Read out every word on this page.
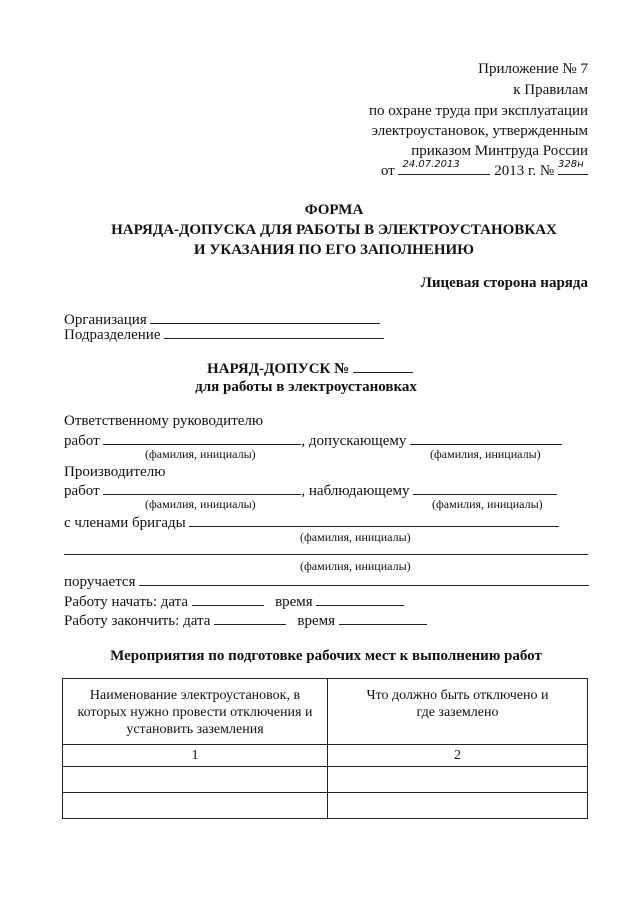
Приложение № 7
к Правилам
по охране труда при эксплуатации
электроустановок, утвержденным
приказом Минтруда России
от 24.07.2013 2013 г. № 328н
ФОРМА
НАРЯДА-ДОПУСКА ДЛЯ РАБОТЫ В ЭЛЕКТРОУСТАНОВКАХ
И УКАЗАНИЯ ПО ЕГО ЗАПОЛНЕНИЮ
Лицевая сторона наряда
Организация
Подразделение
НАРЯД-ДОПУСК №
для работы в электроустановках
Ответственному руководителю
работ	, допускающему
(фамилия, инициалы)	(фамилия, инициалы)
Производителю
работ	, наблюдающему
(фамилия, инициалы)	(фамилия, инициалы)
с членами бригады
(фамилия, инициалы)
(фамилия, инициалы)
поручается
Работу начать: дата	время
Работу закончить: дата	время
Мероприятия по подготовке рабочих мест к выполнению работ
Наименование электроустановок, в которых нужно провести отключения и установить заземления	Что должно быть отключено и где заземлено
1	2
